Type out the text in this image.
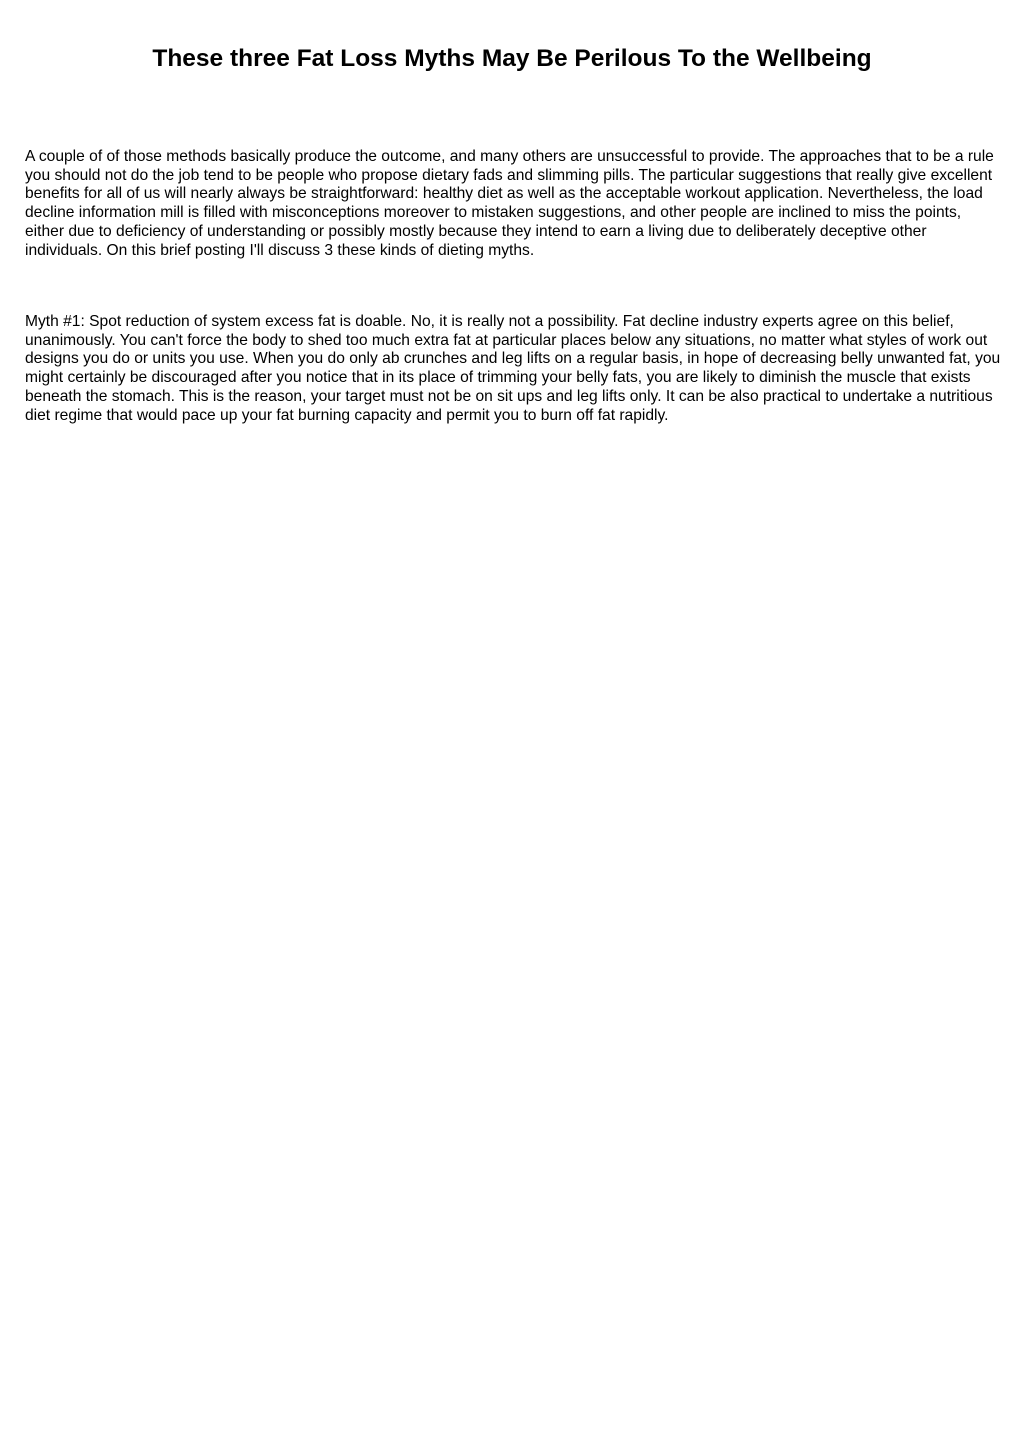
These three Fat Loss Myths May Be Perilous To the Wellbeing

A couple of of those methods basically produce the outcome, and many others are unsuccessful to provide. The approaches that to be a rule you should not do the job tend to be people who propose dietary fads and slimming pills. The particular suggestions that really give excellent benefits for all of us will nearly always be straightforward: healthy diet as well as the acceptable workout application. Nevertheless, the load decline information mill is filled with misconceptions moreover to mistaken suggestions, and other people are inclined to miss the points, either due to deficiency of understanding or possibly mostly because they intend to earn a living due to deliberately deceptive other individuals. On this brief posting I'll discuss 3 these kinds of dieting myths.

Myth #1: Spot reduction of system excess fat is doable. No, it is really not a possibility. Fat decline industry experts agree on this belief, unanimously. You can't force the body to shed too much extra fat at particular places below any situations, no matter what styles of work out designs you do or units you use. When you do only ab crunches and leg lifts on a regular basis, in hope of decreasing belly unwanted fat, you might certainly be discouraged after you notice that in its place of trimming your belly fats, you are likely to diminish the muscle that exists beneath the stomach. This is the reason, your target must not be on sit ups and leg lifts only. It can be also practical to undertake a nutritious diet regime that would pace up your fat burning capacity and permit you to burn off fat rapidly.
